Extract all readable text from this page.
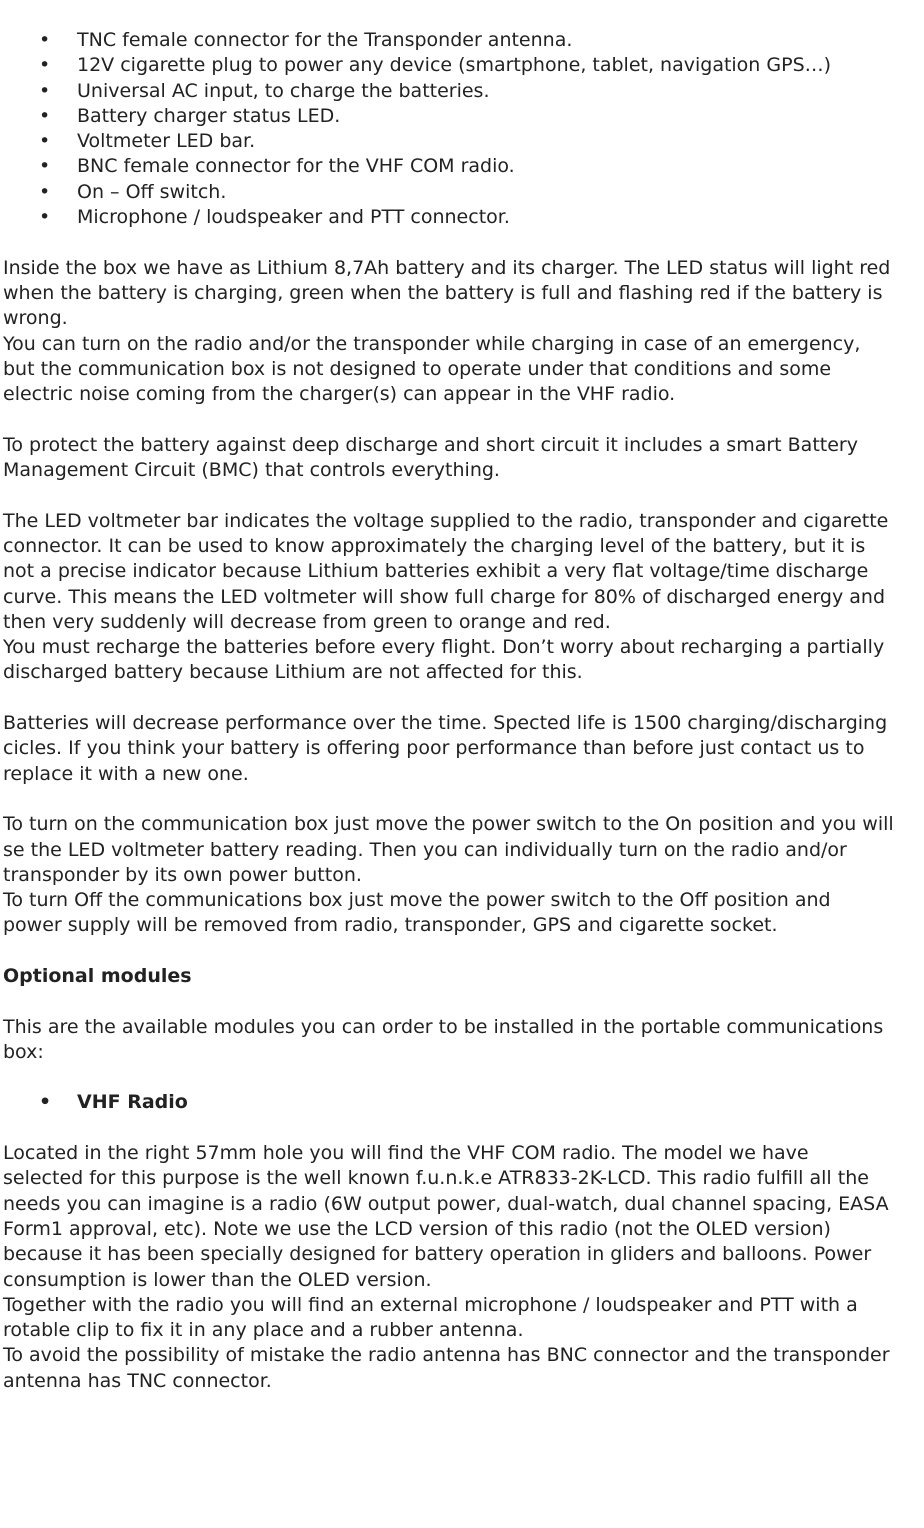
•	TNC female connector for the Transponder antenna.
•	12V cigarette plug to power any device (smartphone, tablet, navigation GPS…)
•	Universal AC input, to charge the batteries.
•	Battery charger status LED.
•	Voltmeter LED bar.
•	BNC female connector for the VHF COM radio.
•	On – Off switch.
•	Microphone / loudspeaker and PTT connector.

Inside the box we have as Lithium 8,7Ah battery and its charger. The LED status will light red when the battery is charging, green when the battery is full and flashing red if the battery is wrong.

You can turn on the radio and/or the transponder while charging in case of an emergency, but the communication box is not designed to operate under that conditions and some electric noise coming from the charger(s) can appear in the VHF radio.

To protect the battery against deep discharge and short circuit it includes a smart Battery Management Circuit (BMC) that controls everything.

The LED voltmeter bar indicates the voltage supplied to the radio, transponder and cigarette connector. It can be used to know approximately the charging level of the battery, but it is not a precise indicator because Lithium batteries exhibit a very flat voltage/time discharge curve. This means the LED voltmeter will show full charge for 80% of discharged energy and then very suddenly will decrease from green to orange and red.

You must recharge the batteries before every flight. Don’t worry about recharging a partially discharged battery because Lithium are not affected for this.

Batteries will decrease performance over the time. Spected life is 1500 charging/discharging cicles. If you think your battery is offering poor performance than before just contact us to replace it with a new one.

To turn on the communication box just move the power switch to the On position and you will se the LED voltmeter battery reading. Then you can individually turn on the radio and/or transponder by its own power button.

To turn Off the communications box just move the power switch to the Off position and power supply will be removed from radio, transponder, GPS and cigarette socket.

Optional modules

This are the available modules you can order to be installed in the portable communications box:

•	VHF Radio

Located in the right 57mm hole you will find the VHF COM radio. The model we have selected for this purpose is the well known f.u.n.k.e ATR833-2K-LCD. This radio fulfill all the needs you can imagine is a radio (6W output power, dual-watch, dual channel spacing, EASA Form1 approval, etc). Note we use the LCD version of this radio (not the OLED version) because it has been specially designed for battery operation in gliders and balloons. Power consumption is lower than the OLED version.

Together with the radio you will find an external microphone / loudspeaker and PTT with a rotable clip to fix it in any place and a rubber antenna.

To avoid the possibility of mistake the radio antenna has BNC connector and the transponder antenna has TNC connector.
